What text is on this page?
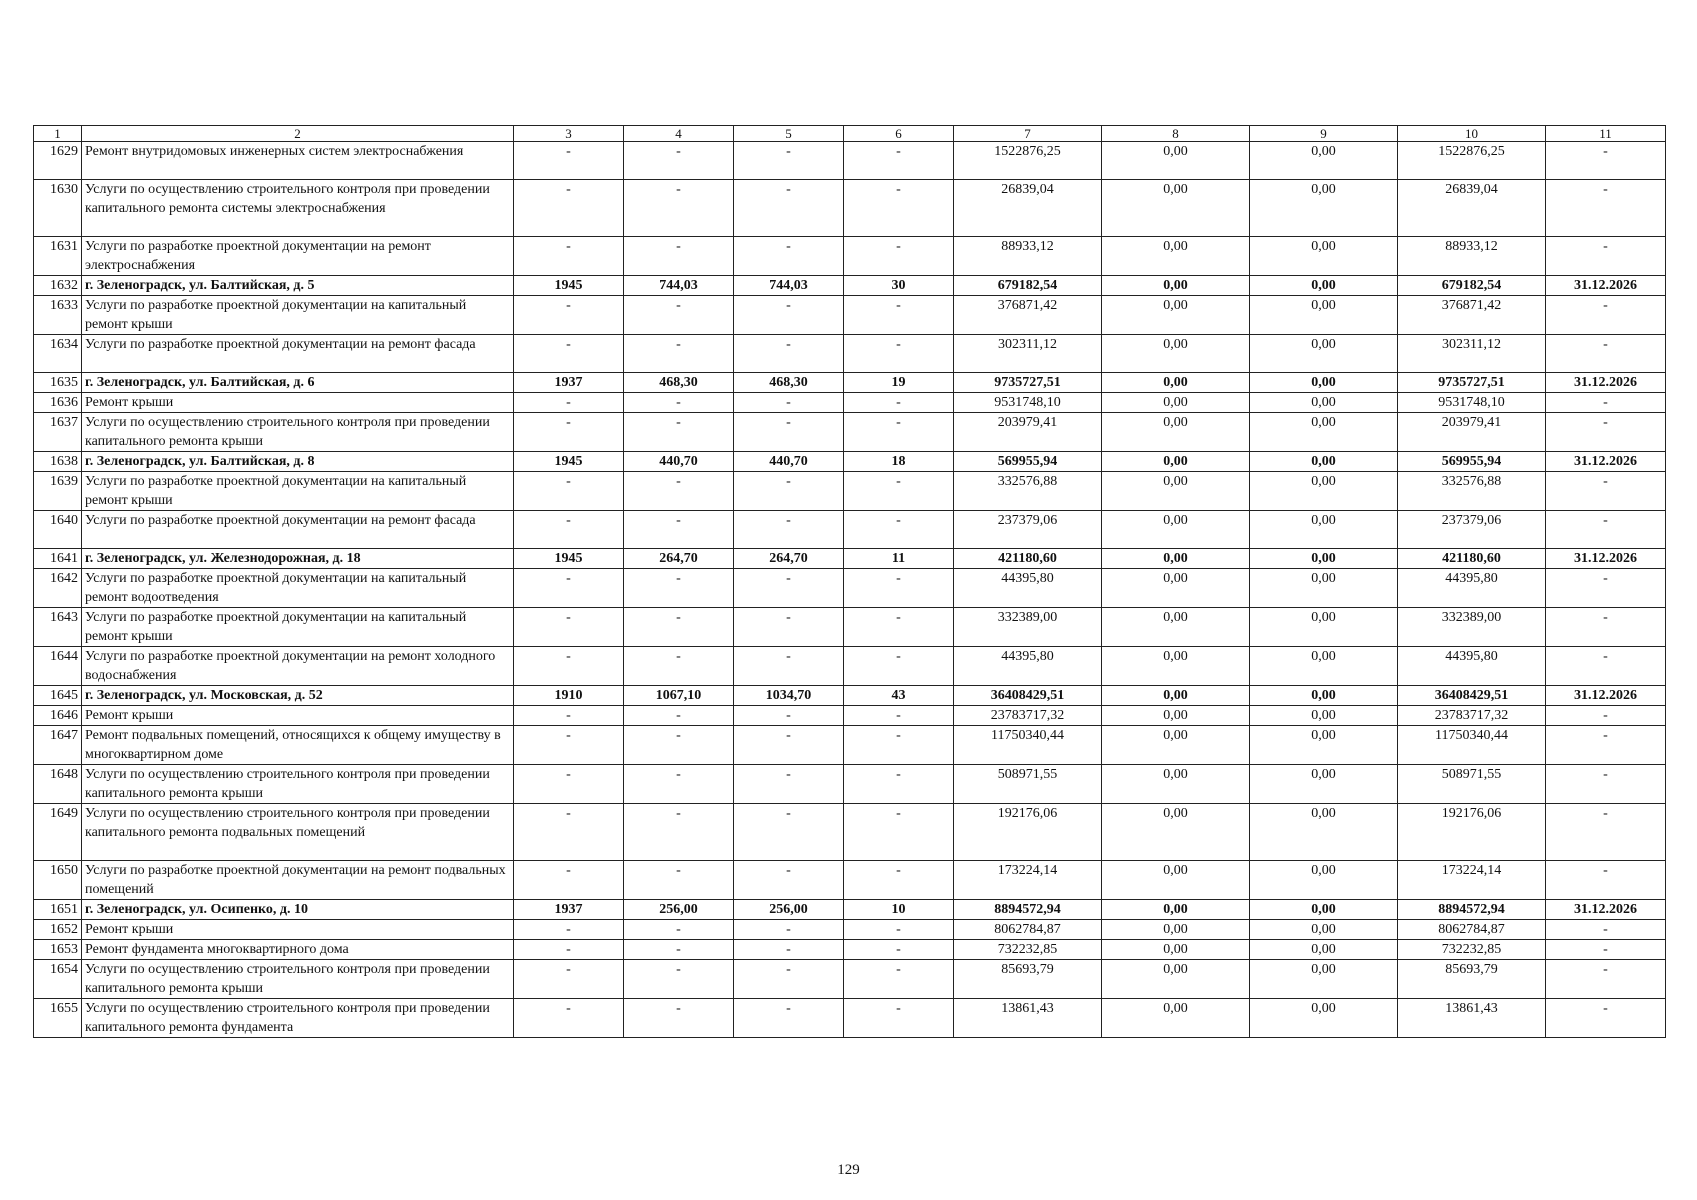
1	2	3	4	5	6	7	8	9	10	11
1629	Ремонт внутридомовых инженерных систем электроснабжения	-	-	-	-	1522876,25	0,00	0,00	1522876,25	-
1630	Услуги по осуществлению строительного контроля при проведении капитального ремонта системы электроснабжения	-	-	-	-	26839,04	0,00	0,00	26839,04	-
1631	Услуги по разработке проектной документации на ремонт электроснабжения	-	-	-	-	88933,12	0,00	0,00	88933,12	-
1632	г. Зеленоградск, ул. Балтийская, д. 5	1945	744,03	744,03	30	679182,54	0,00	0,00	679182,54	31.12.2026
1633	Услуги по разработке проектной документации на капитальный ремонт крыши	-	-	-	-	376871,42	0,00	0,00	376871,42	-
1634	Услуги по разработке проектной документации на ремонт фасада	-	-	-	-	302311,12	0,00	0,00	302311,12	-
1635	г. Зеленоградск, ул. Балтийская, д. 6	1937	468,30	468,30	19	9735727,51	0,00	0,00	9735727,51	31.12.2026
1636	Ремонт крыши	-	-	-	-	9531748,10	0,00	0,00	9531748,10	-
1637	Услуги по осуществлению строительного контроля при проведении капитального ремонта крыши	-	-	-	-	203979,41	0,00	0,00	203979,41	-
1638	г. Зеленоградск, ул. Балтийская, д. 8	1945	440,70	440,70	18	569955,94	0,00	0,00	569955,94	31.12.2026
1639	Услуги по разработке проектной документации на капитальный ремонт крыши	-	-	-	-	332576,88	0,00	0,00	332576,88	-
1640	Услуги по разработке проектной документации на ремонт фасада	-	-	-	-	237379,06	0,00	0,00	237379,06	-
1641	г. Зеленоградск, ул. Железнодорожная, д. 18	1945	264,70	264,70	11	421180,60	0,00	0,00	421180,60	31.12.2026
1642	Услуги по разработке проектной документации на капитальный ремонт водоотведения	-	-	-	-	44395,80	0,00	0,00	44395,80	-
1643	Услуги по разработке проектной документации на капитальный ремонт крыши	-	-	-	-	332389,00	0,00	0,00	332389,00	-
1644	Услуги по разработке проектной документации на ремонт холодного водоснабжения	-	-	-	-	44395,80	0,00	0,00	44395,80	-
1645	г. Зеленоградск, ул. Московская, д. 52	1910	1067,10	1034,70	43	36408429,51	0,00	0,00	36408429,51	31.12.2026
1646	Ремонт крыши	-	-	-	-	23783717,32	0,00	0,00	23783717,32	-
1647	Ремонт подвальных помещений, относящихся к общему имуществу в многоквартирном доме	-	-	-	-	11750340,44	0,00	0,00	11750340,44	-
1648	Услуги по осуществлению строительного контроля при проведении капитального ремонта крыши	-	-	-	-	508971,55	0,00	0,00	508971,55	-
1649	Услуги по осуществлению строительного контроля при проведении капитального ремонта подвальных помещений	-	-	-	-	192176,06	0,00	0,00	192176,06	-
1650	Услуги по разработке проектной документации на ремонт подвальных помещений	-	-	-	-	173224,14	0,00	0,00	173224,14	-
1651	г. Зеленоградск, ул. Осипенко, д. 10	1937	256,00	256,00	10	8894572,94	0,00	0,00	8894572,94	31.12.2026
1652	Ремонт крыши	-	-	-	-	8062784,87	0,00	0,00	8062784,87	-
1653	Ремонт фундамента многоквартирного дома	-	-	-	-	732232,85	0,00	0,00	732232,85	-
1654	Услуги по осуществлению строительного контроля при проведении капитального ремонта крыши	-	-	-	-	85693,79	0,00	0,00	85693,79	-
1655	Услуги по осуществлению строительного контроля при проведении капитального ремонта фундамента	-	-	-	-	13861,43	0,00	0,00	13861,43	-
129
